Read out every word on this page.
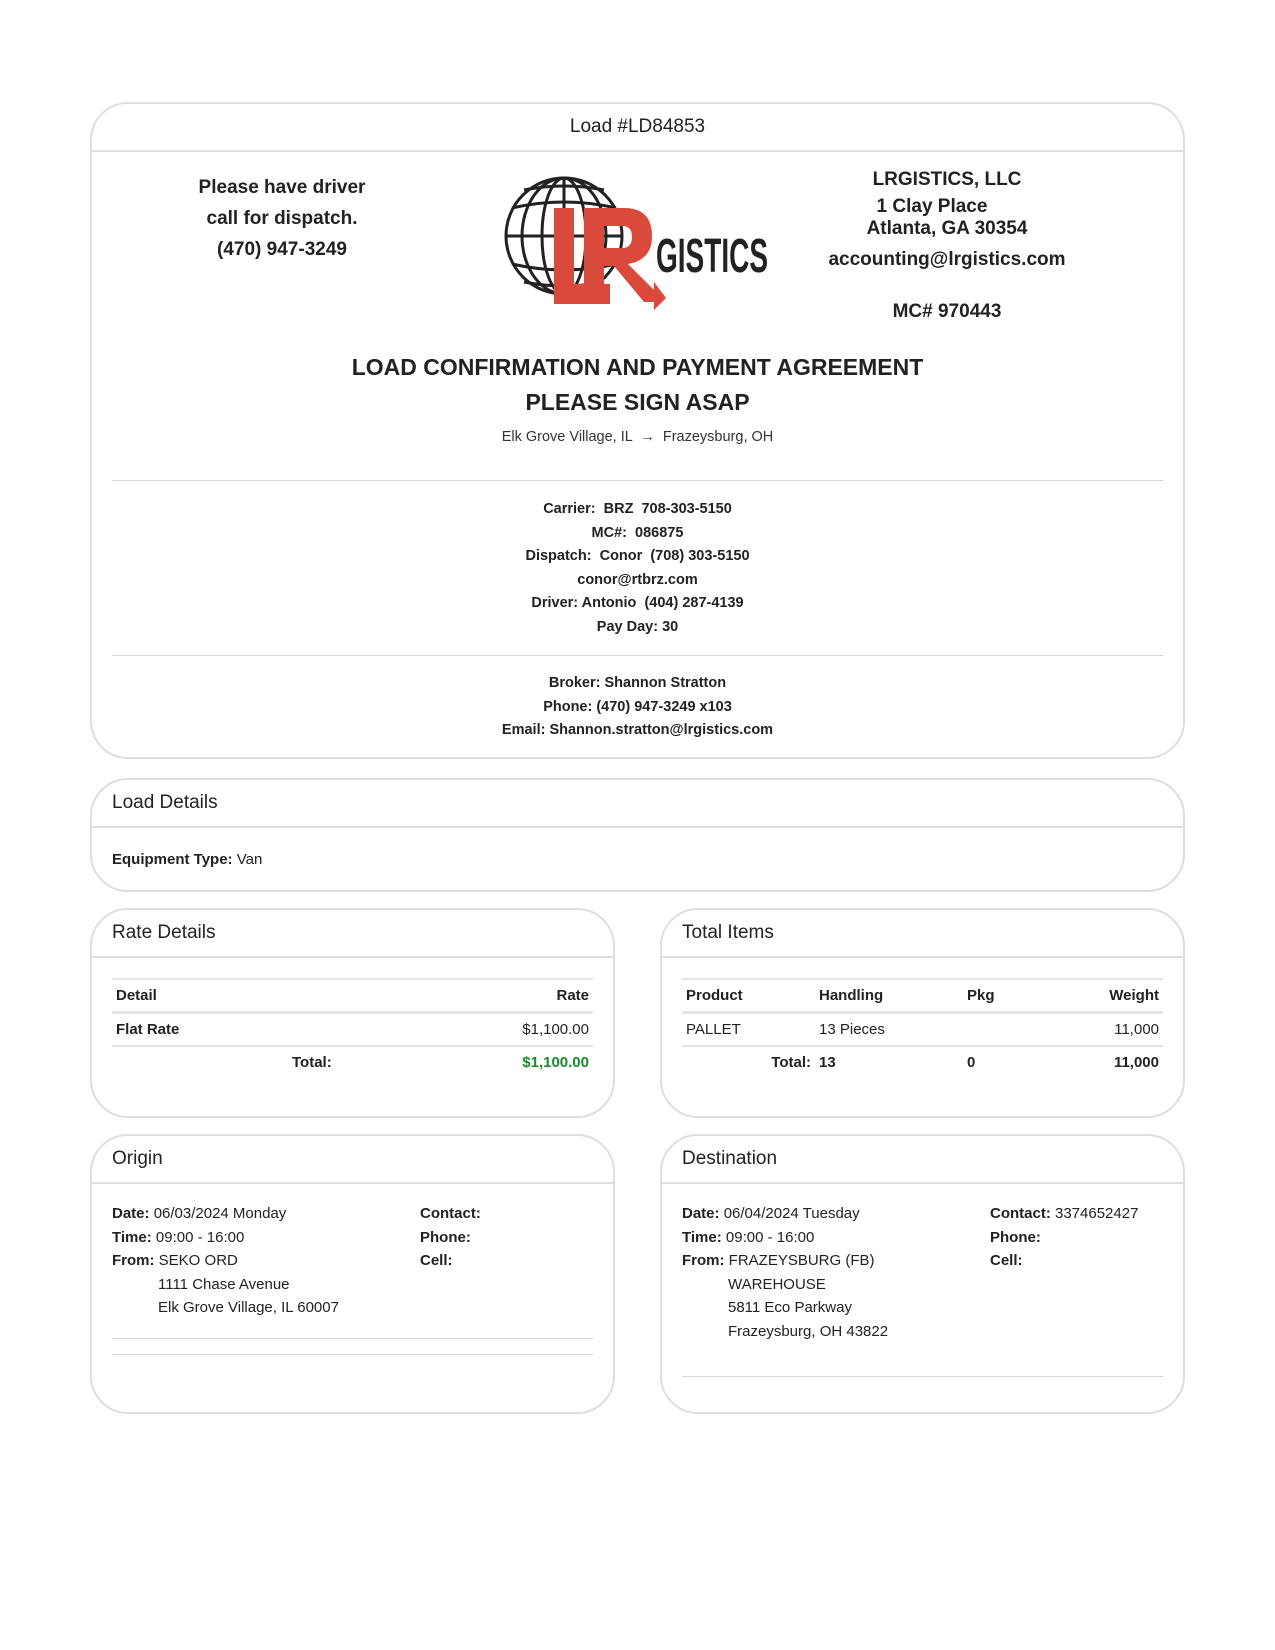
Load #LD84853
Please have driver
call for dispatch.
(470) 947-3249	GISTICS
LRGISTICS, LLC
1 Clay Place
Atlanta, GA 30354
accounting@lrgistics.com
MC# 970443
LOAD CONFIRMATION AND PAYMENT AGREEMENT
PLEASE SIGN ASAP
Elk Grove Village, IL → Frazeysburg, OH
Carrier:  BRZ  708-303-5150
MC#:  086875
Dispatch:  Conor  (708) 303-5150
conor@rtbrz.com
Driver: Antonio  (404) 287-4139
Pay Day: 30
Broker: Shannon Stratton
Phone: (470) 947-3249 x103
Email: Shannon.stratton@lrgistics.com
Load Details
Equipment Type: Van
Rate Details
Detail	Rate
Flat Rate	$1,100.00
Total:	$1,100.00
Total Items
Product	Handling	Pkg	Weight
PALLET	13 Pieces		11,000
Total:	13	0	11,000
Origin
Date: 06/03/2024 Monday
Time: 09:00 - 16:00
From: SEKO ORD
1111 Chase Avenue
Elk Grove Village, IL 60007
Contact:
Phone:
Cell:
Destination
Date: 06/04/2024 Tuesday
Time: 09:00 - 16:00
From: FRAZEYSBURG (FB)
WAREHOUSE
5811 Eco Parkway
Frazeysburg, OH 43822
Contact: 3374652427
Phone:
Cell:
